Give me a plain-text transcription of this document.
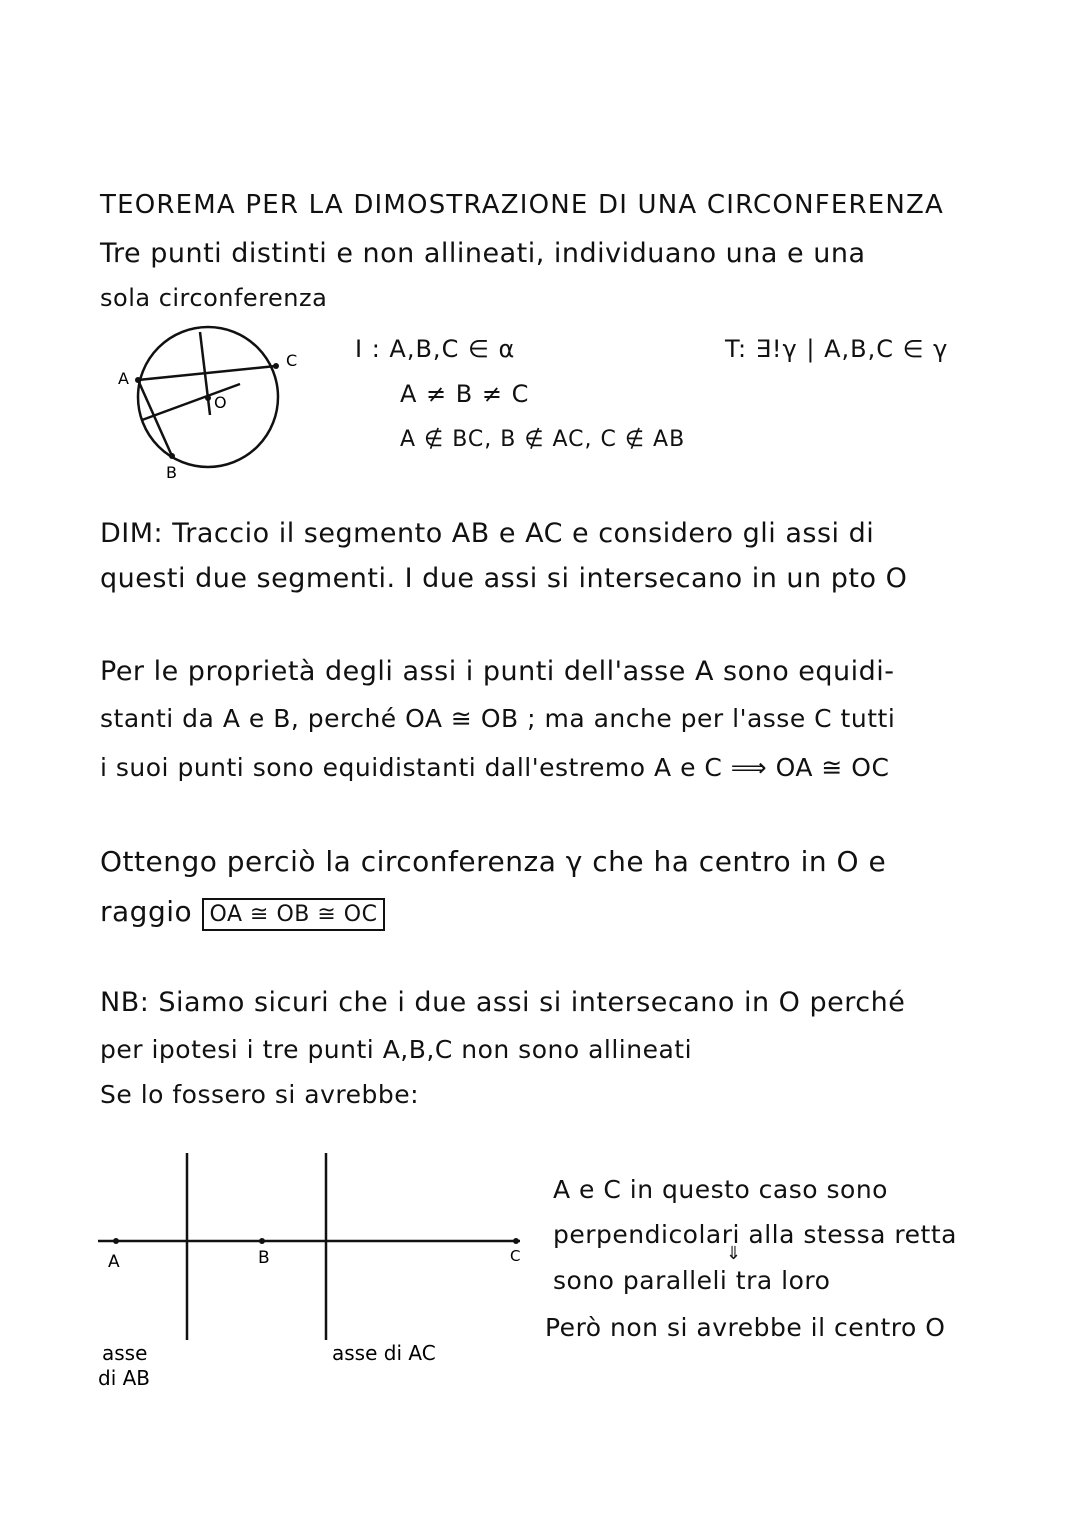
TEOREMA PER LA DIMOSTRAZIONE DI UNA CIRCONFERENZA
Tre punti distinti e non allineati, individuano una e una
sola circonferenza
A
C
B
O
I : A,B,C ∈ α
A ≠ B ≠ C
A ∉ BC, B ∉ AC, C ∉ AB
T: ∃!γ | A,B,C ∈ γ
DIM: Traccio il segmento AB e AC e considero gli assi di
questi due segmenti. I due assi si intersecano in un pto O
Per le proprietà degli assi i punti dell'asse A sono equidi-
stanti da A e B, perché OA ≅ OB ; ma anche per l'asse C tutti
i suoi punti sono equidistanti dall'estremo A e C ⟹ OA ≅ OC
Ottengo perciò la circonferenza γ che ha centro in O e
raggio OA ≅ OB ≅ OC
NB: Siamo sicuri che i due assi si intersecano in O perché
per ipotesi i tre punti A,B,C non sono allineati
Se lo fossero si avrebbe:
A	B	C
asse
di AB
asse di AC
A e C in questo caso sono
perpendicolari alla stessa retta
⇓
sono paralleli tra loro
Però non si avrebbe il centro O
